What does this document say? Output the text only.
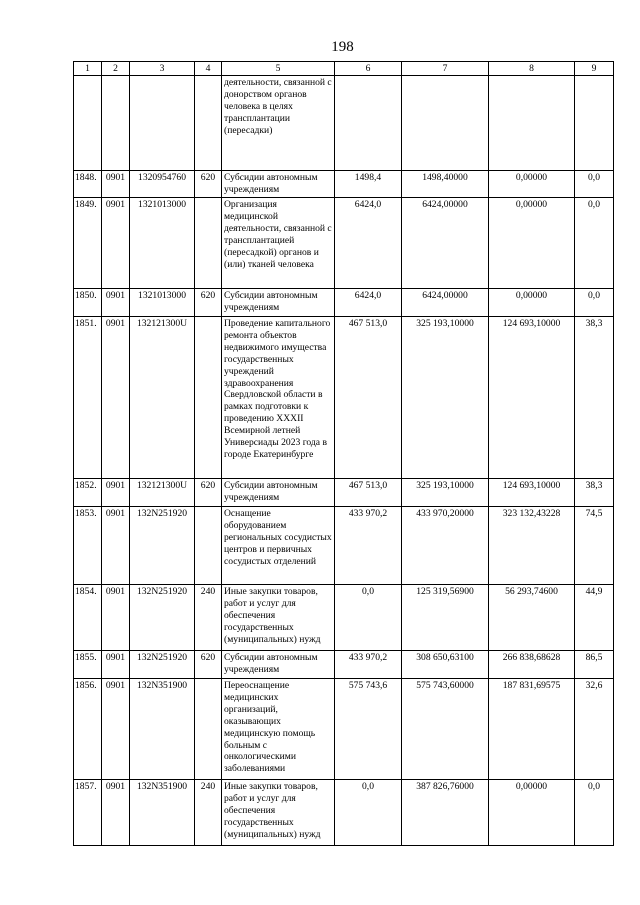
198
1	2	3	4	5	6	7	8	9
				деятельности, связанной с донорством органов человека в целях трансплантации (пересадки)				
1848.	0901	1320954760	620	Субсидии автономным учреждениям	1498,4	1498,40000	0,00000	0,0
1849.	0901	1321013000		Организация медицинской деятельности, связанной с трансплантацией (пересадкой) органов и (или) тканей человека	6424,0	6424,00000	0,00000	0,0
1850.	0901	1321013000	620	Субсидии автономным учреждениям	6424,0	6424,00000	0,00000	0,0
1851.	0901	132121300U		Проведение капитального ремонта объектов недвижимого имущества государственных учреждений здравоохранения Свердловской области в рамках подготовки к проведению XXXII Всемирной летней Универсиады 2023 года в городе Екатеринбурге	467 513,0	325 193,10000	124 693,10000	38,3
1852.	0901	132121300U	620	Субсидии автономным учреждениям	467 513,0	325 193,10000	124 693,10000	38,3
1853.	0901	132N251920		Оснащение оборудованием региональных сосудистых центров и первичных сосудистых отделений	433 970,2	433 970,20000	323 132,43228	74,5
1854.	0901	132N251920	240	Иные закупки товаров, работ и услуг для обеспечения государственных (муниципальных) нужд	0,0	125 319,56900	56 293,74600	44,9
1855.	0901	132N251920	620	Субсидии автономным учреждениям	433 970,2	308 650,63100	266 838,68628	86,5
1856.	0901	132N351900		Переоснащение медицинских организаций, оказывающих медицинскую помощь больным с онкологическими заболеваниями	575 743,6	575 743,60000	187 831,69575	32,6
1857.	0901	132N351900	240	Иные закупки товаров, работ и услуг для обеспечения государственных (муниципальных) нужд	0,0	387 826,76000	0,00000	0,0
